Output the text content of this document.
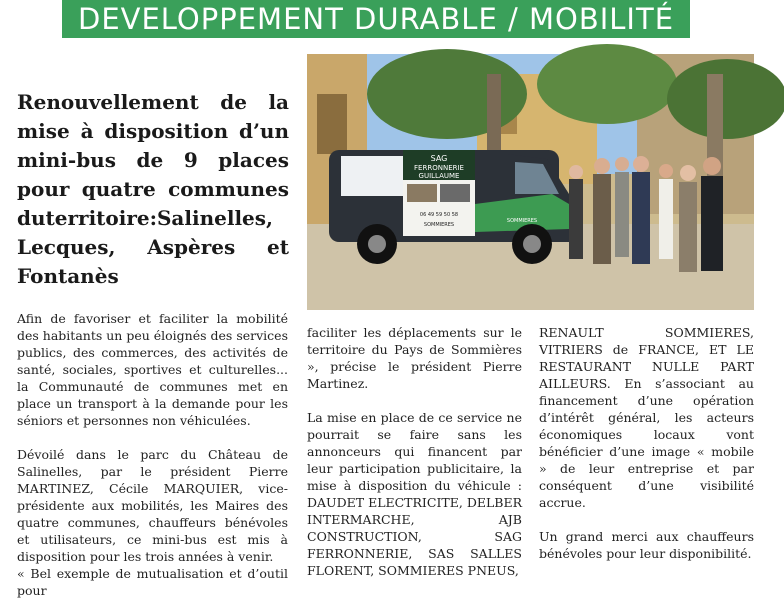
DEVELOPPEMENT DURABLE / MOBILITÉ
Renouvellement de la mise à disposition d’un mini-bus de 9 places pour quatre communes duterritoire:Salinelles, Lecques, Aspères et Fontanès
SAG
FERRONNERIE
GUILLAUME
06 49 59 50 58
SOMMIERES
SOMMIERES

Afin de favoriser et faciliter la mobilité des habitants un peu éloignés des services publics, des commerces, des activités de santé, sociales, sportives et culturelles... la Communauté de communes met en place un transport à la demande pour les séniors et personnes non véhiculées.

Dévoilé dans le parc du Château de Salinelles, par le président Pierre MARTINEZ, Cécile MARQUIER, vice-présidente aux mobilités, les Maires des quatre communes, chauffeurs bénévoles et utilisateurs, ce mini-bus est mis à disposition pour les trois années à venir.

« Bel exemple de mutualisation et d’outil pour

faciliter les déplacements sur le territoire du Pays de Sommières », précise le président Pierre Martinez.

La mise en place de ce service ne pourrait se faire sans les annonceurs qui financent par leur participation publicitaire, la mise à disposition du véhicule : DAUDET ELECTRICITE, DELBER INTERMARCHE, AJB CONSTRUCTION, SAG FERRONNERIE, SAS SALLES FLORENT, SOMMIERES PNEUS,

RENAULT SOMMIERES, VITRIERS de FRANCE, ET LE RESTAURANT NULLE PART AILLEURS. En s’associant au financement d’une opération d’intérêt général, les acteurs économiques locaux vont bénéficier d’une image « mobile » de leur entreprise et par conséquent d’une visibilité accrue.

Un grand merci aux chauffeurs bénévoles pour leur disponibilité.
